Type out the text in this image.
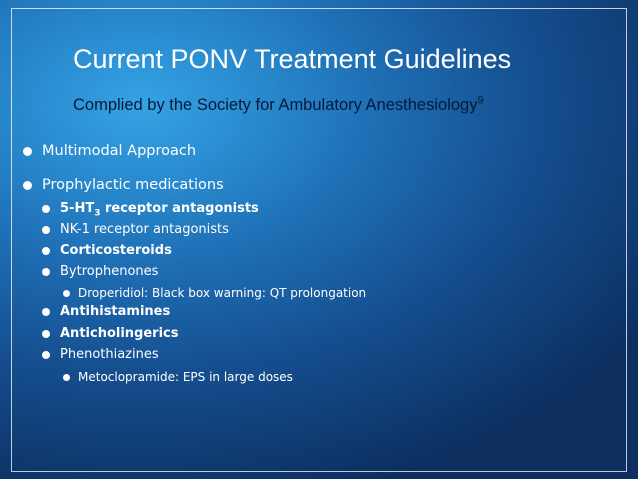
Current PONV Treatment Guidelines

Complied by the Society for Ambulatory Anesthesiology$^9$

Multimodal Approach
Prophylactic medications
$5-HT_3$ receptor antagonists
NK-1 receptor antagonists
Corticosteroids
Bytrophenones
Droperidiol: Black box warning: QT prolongation
Antihistamines
Anticholingerics
Phenothiazines
Metoclopramide: EPS in large doses
